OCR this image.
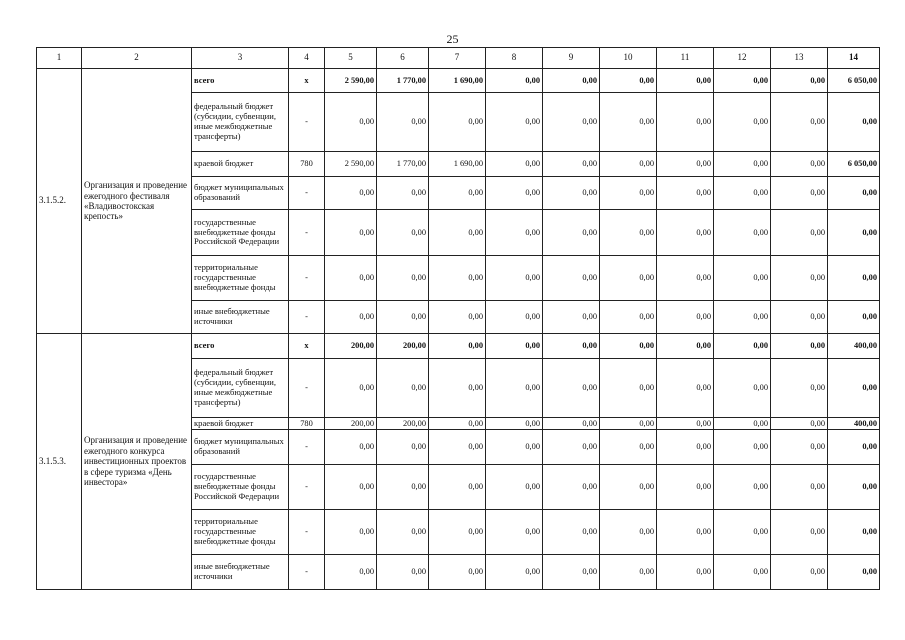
25
1	2	3	4	5	6	7	8	9	10	11	12	13	14
3.1.5.2.	Организация и проведение ежегодного фестиваля «Владивостокская крепость»	всего	х	2 590,00	1 770,00	1 690,00	0,00	0,00	0,00	0,00	0,00	0,00	6 050,00
		федеральный бюджет (субсидии, субвенции, иные межбюджетные трансферты)	-	0,00	0,00	0,00	0,00	0,00	0,00	0,00	0,00	0,00	0,00
		краевой бюджет	780	2 590,00	1 770,00	1 690,00	0,00	0,00	0,00	0,00	0,00	0,00	6 050,00
		бюджет муниципальных образований	-	0,00	0,00	0,00	0,00	0,00	0,00	0,00	0,00	0,00	0,00
		государственные внебюджетные фонды Российской Федерации	-	0,00	0,00	0,00	0,00	0,00	0,00	0,00	0,00	0,00	0,00
		территориальные государственные внебюджетные фонды	-	0,00	0,00	0,00	0,00	0,00	0,00	0,00	0,00	0,00	0,00
		иные внебюджетные источники	-	0,00	0,00	0,00	0,00	0,00	0,00	0,00	0,00	0,00	0,00
3.1.5.3.	Организация и проведение ежегодного конкурса инвестиционных проектов в сфере туризма «День инвестора»	всего	х	200,00	200,00	0,00	0,00	0,00	0,00	0,00	0,00	0,00	400,00
		федеральный бюджет (субсидии, субвенции, иные межбюджетные трансферты)	-	0,00	0,00	0,00	0,00	0,00	0,00	0,00	0,00	0,00	0,00
		краевой бюджет	780	200,00	200,00	0,00	0,00	0,00	0,00	0,00	0,00	0,00	400,00
		бюджет муниципальных образований	-	0,00	0,00	0,00	0,00	0,00	0,00	0,00	0,00	0,00	0,00
		государственные внебюджетные фонды Российской Федерации	-	0,00	0,00	0,00	0,00	0,00	0,00	0,00	0,00	0,00	0,00
		территориальные государственные внебюджетные фонды	-	0,00	0,00	0,00	0,00	0,00	0,00	0,00	0,00	0,00	0,00
		иные внебюджетные источники	-	0,00	0,00	0,00	0,00	0,00	0,00	0,00	0,00	0,00	0,00
